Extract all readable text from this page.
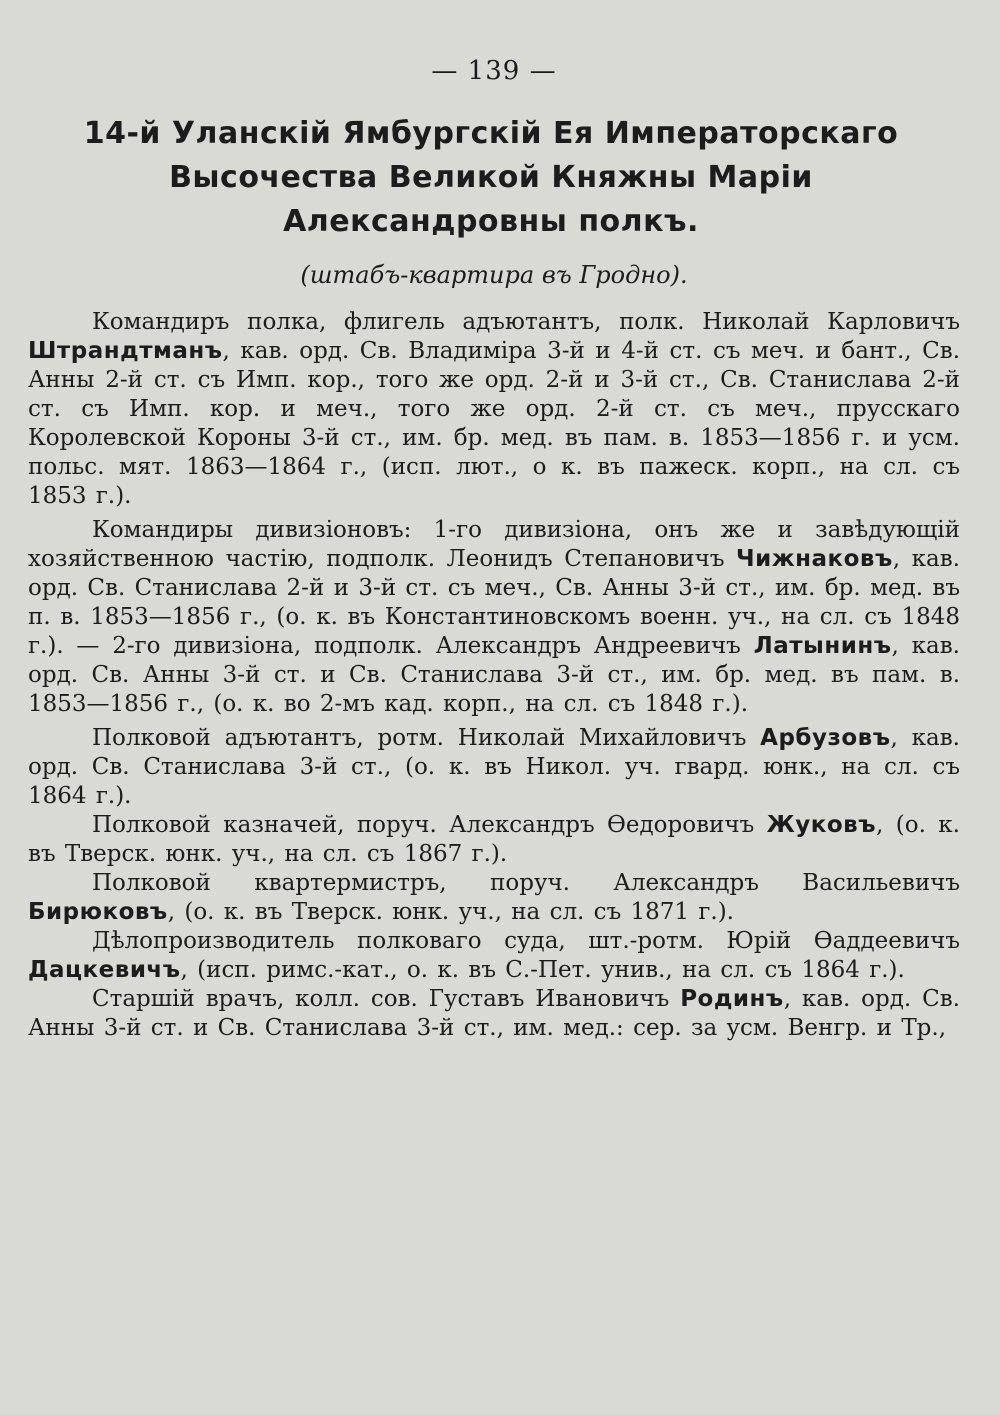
— 139 —
14-й Уланскій Ямбургскій Ея Императорскаго Высочества Великой Княжны Маріи Александровны полкъ.
(штабъ-квартира въ Гродно).

Командиръ полка, флигель адъютантъ, полк. Николай Карловичъ Штрандтманъ, кав. орд. Св. Владиміра 3-й и 4-й ст. съ меч. и бант., Св. Анны 2-й ст. съ Имп. кор., того же орд. 2-й и 3-й ст., Св. Станислава 2-й ст. съ Имп. кор. и меч., того же орд. 2-й ст. съ меч., прусскаго Королевской Короны 3-й ст., им. бр. мед. въ пам. в. 1853—1856 г. и усм. польс. мят. 1863—1864 г., (исп. лют., о к. въ пажеск. корп., на сл. съ 1853 г.).

Командиры дивизіоновъ: 1-го дивизіона, онъ же и завѣдующій хозяйственною частію, подполк. Леонидъ Степановичъ Чижнаковъ, кав. орд. Св. Станислава 2-й и 3-й ст. съ меч., Св. Анны 3-й ст., им. бр. мед. въ п. в. 1853—1856 г., (о. к. въ Константиновскомъ военн. уч., на сл. съ 1848 г.). — 2-го дивизіона, подполк. Александръ Андреевичъ Латынинъ, кав. орд. Св. Анны 3-й ст. и Св. Станислава 3-й ст., им. бр. мед. въ пам. в. 1853—1856 г., (о. к. во 2-мъ кад. корп., на сл. съ 1848 г.).

Полковой адъютантъ, ротм. Николай Михайловичъ Арбузовъ, кав. орд. Св. Станислава 3-й ст., (о. к. въ Никол. уч. гвард. юнк., на сл. съ 1864 г.).

Полковой казначей, поруч. Александръ Өедоровичъ Жуковъ, (о. к. въ Тверск. юнк. уч., на сл. съ 1867 г.).

Полковой квартермистръ, поруч. Александръ Васильевичъ Бирюковъ, (о. к. въ Тверск. юнк. уч., на сл. съ 1871 г.).

Дѣлопроизводитель полковаго суда, шт.-ротм. Юрій Өаддеевичъ Дацкевичъ, (исп. римс.-кат., о. к. въ С.-Пет. унив., на сл. съ 1864 г.).

Старшій врачъ, колл. сов. Густавъ Ивановичъ Родинъ, кав. орд. Св. Анны 3-й ст. и Св. Станислава 3-й ст., им. мед.: сер. за усм. Венгр. и Тр.,
